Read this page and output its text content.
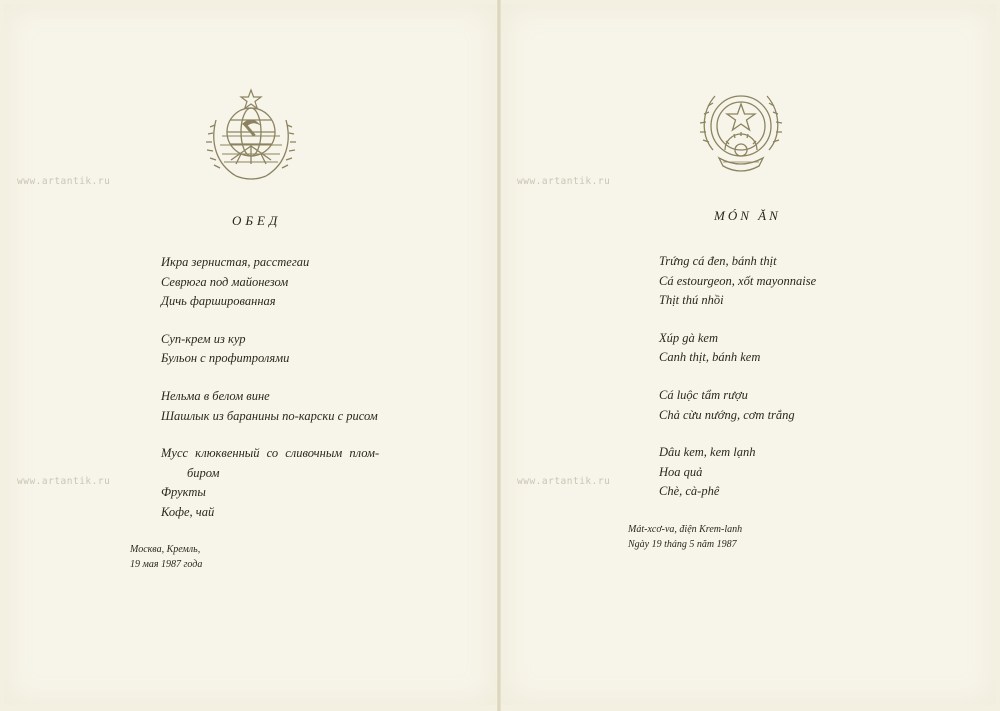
www.artantik.ru	www.artantik.ru
www.artantik.ru	www.artantik.ru
ОБЕД
Икра зернистая, расстегаи
Севрюга под майонезом
Дичь фаршированная
Суп-крем из кур
Бульон с профитролями
Нельма в белом вине
Шашлык из баранины по-карски с рисом
Мусс клюквенный со сливочным плом-
биром
Фрукты
Кофе, чай
Москва, Кремль,
19 мая 1987 года
MÓN ĂN
Trứng cá đen, bánh thịt
Cá estourgeon, xốt mayonnaise
Thịt thú nhồi
Xúp gà kem
Canh thịt, bánh kem
Cá luộc tẩm rượu
Chả cừu nướng, cơm trắng
Dâu kem, kem lạnh
Hoa quả
Chè, cà-phê
Mát-xcơ-va, điện Krem-lanh
Ngày 19 tháng 5 năm 1987
